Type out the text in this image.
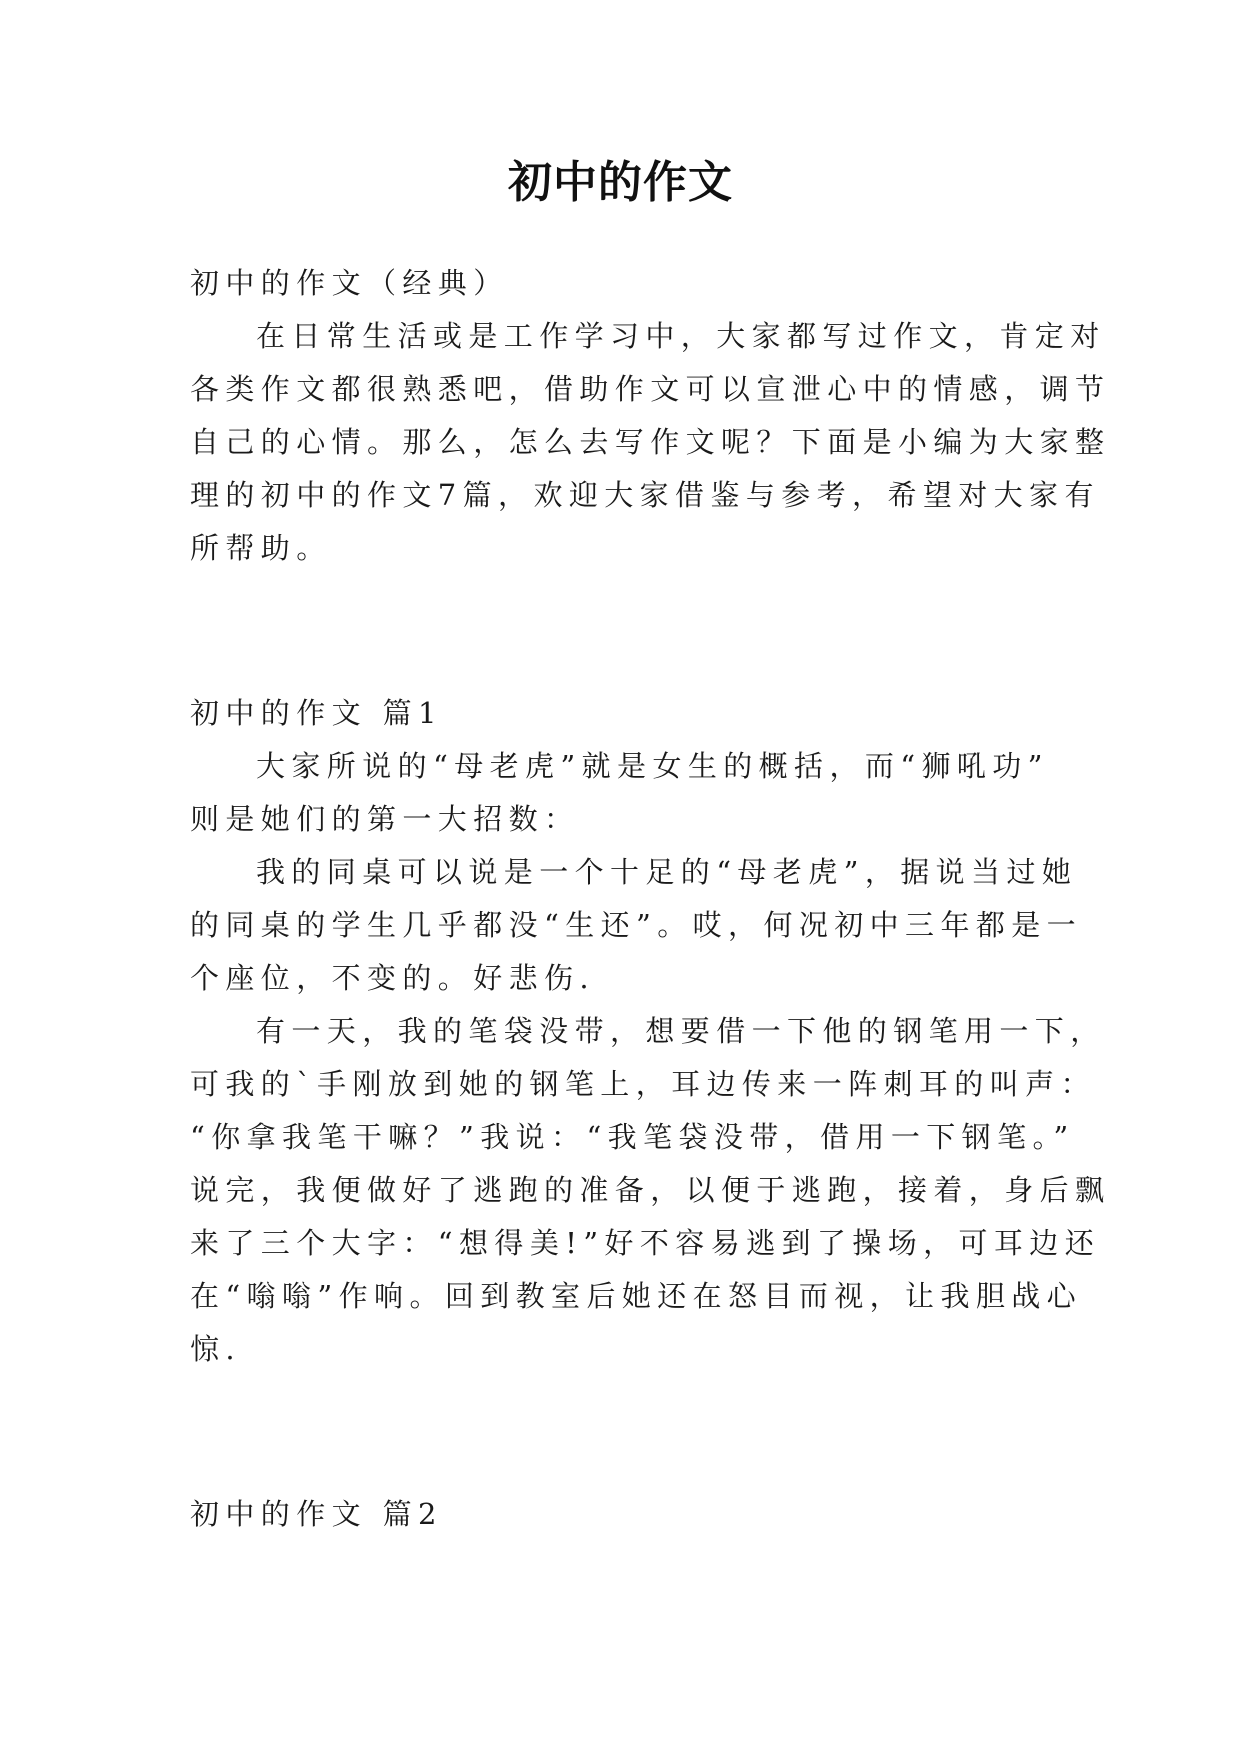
初中的作文
初中的作文（经典）
在日常生活或是工作学习中，大家都写过作文，肯定对
各类作文都很熟悉吧，借助作文可以宣泄心中的情感，调节
自己的心情。那么，怎么去写作文呢？下面是小编为大家整
理的初中的作文7篇，欢迎大家借鉴与参考，希望对大家有
所帮助。
初中的作文 篇1
大家所说的“母老虎”就是女生的概括，而“狮吼功”
则是她们的第一大招数：
我的同桌可以说是一个十足的“母老虎”，据说当过她
的同桌的学生几乎都没“生还”。哎，何况初中三年都是一
个座位，不变的。好悲伤.
有一天，我的笔袋没带，想要借一下他的钢笔用一下，
可我的`手刚放到她的钢笔上，耳边传来一阵刺耳的叫声：
“你拿我笔干嘛？”我说：“我笔袋没带，借用一下钢笔。”
说完，我便做好了逃跑的准备，以便于逃跑，接着，身后飘
来了三个大字：“想得美!”好不容易逃到了操场，可耳边还
在“嗡嗡”作响。回到教室后她还在怒目而视，让我胆战心
惊.
初中的作文 篇2
